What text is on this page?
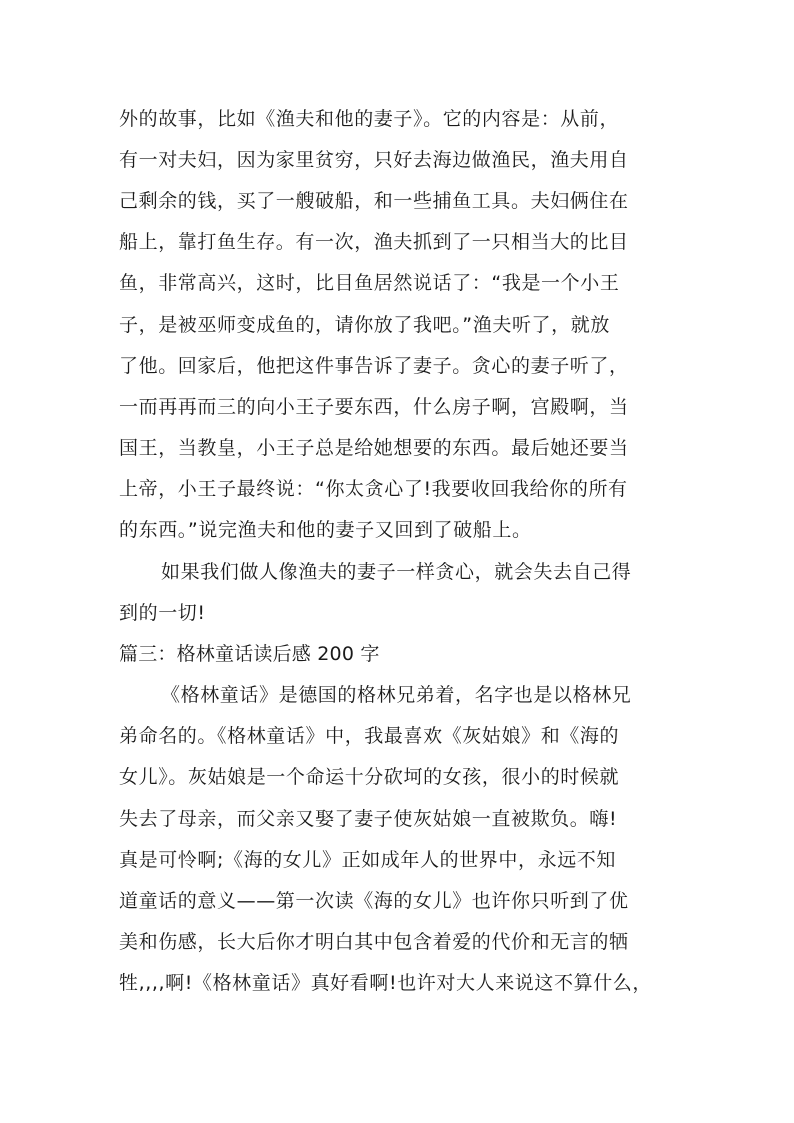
外的故事，比如《渔夫和他的妻子》。它的内容是：从前，
有一对夫妇，因为家里贫穷，只好去海边做渔民，渔夫用自
己剩余的钱，买了一艘破船，和一些捕鱼工具。夫妇俩住在
船上，靠打鱼生存。有一次，渔夫抓到了一只相当大的比目
鱼，非常高兴，这时，比目鱼居然说话了：“我是一个小王
子，是被巫师变成鱼的，请你放了我吧。”渔夫听了，就放
了他。回家后，他把这件事告诉了妻子。贪心的妻子听了，
一而再再而三的向小王子要东西，什么房子啊，宫殿啊，当
国王，当教皇，小王子总是给她想要的东西。最后她还要当
上帝，小王子最终说：“你太贪心了!我要收回我给你的所有
的东西。”说完渔夫和他的妻子又回到了破船上。
如果我们做人像渔夫的妻子一样贪心，就会失去自己得
到的一切!
篇三：格林童话读后感 200 字
《格林童话》是德国的格林兄弟着，名字也是以格林兄
弟命名的。《格林童话》中，我最喜欢《灰姑娘》和《海的
女儿》。灰姑娘是一个命运十分砍坷的女孩，很小的时候就
失去了母亲，而父亲又娶了妻子使灰姑娘一直被欺负。嗨!
真是可怜啊;《海的女儿》正如成年人的世界中，永远不知
道童话的意义——第一次读《海的女儿》也许你只听到了优
美和伤感，长大后你才明白其中包含着爱的代价和无言的牺
牲,,,,啊!《格林童话》真好看啊!也许对大人来说这不算什么，
